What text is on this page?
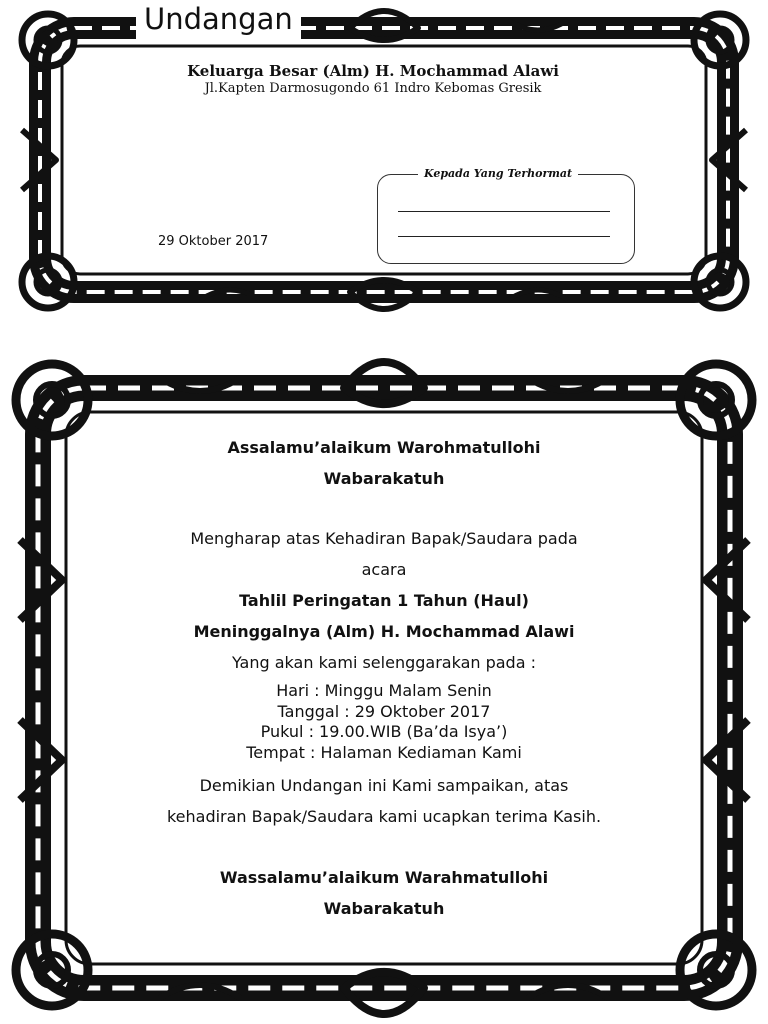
Undangan
Keluarga Besar (Alm) H. Mochammad Alawi
Jl.Kapten Darmosugondo 61 Indro Kebomas Gresik
29 Oktober 2017
Kepada Yang Terhormat
Assalamu’alaikum Warohmatullohi
Wabarakatuh
Mengharap atas Kehadiran Bapak/Saudara pada
acara
Tahlil Peringatan 1 Tahun (Haul)
Meninggalnya (Alm) H. Mochammad Alawi
Yang akan kami selenggarakan pada :
Hari : Minggu Malam Senin
Tanggal : 29 Oktober 2017
Pukul : 19.00.WIB (Ba’da Isya’)
Tempat : Halaman Kediaman Kami
Demikian Undangan ini Kami sampaikan, atas
kehadiran Bapak/Saudara kami ucapkan terima Kasih.
Wassalamu’alaikum Warahmatullohi
Wabarakatuh
